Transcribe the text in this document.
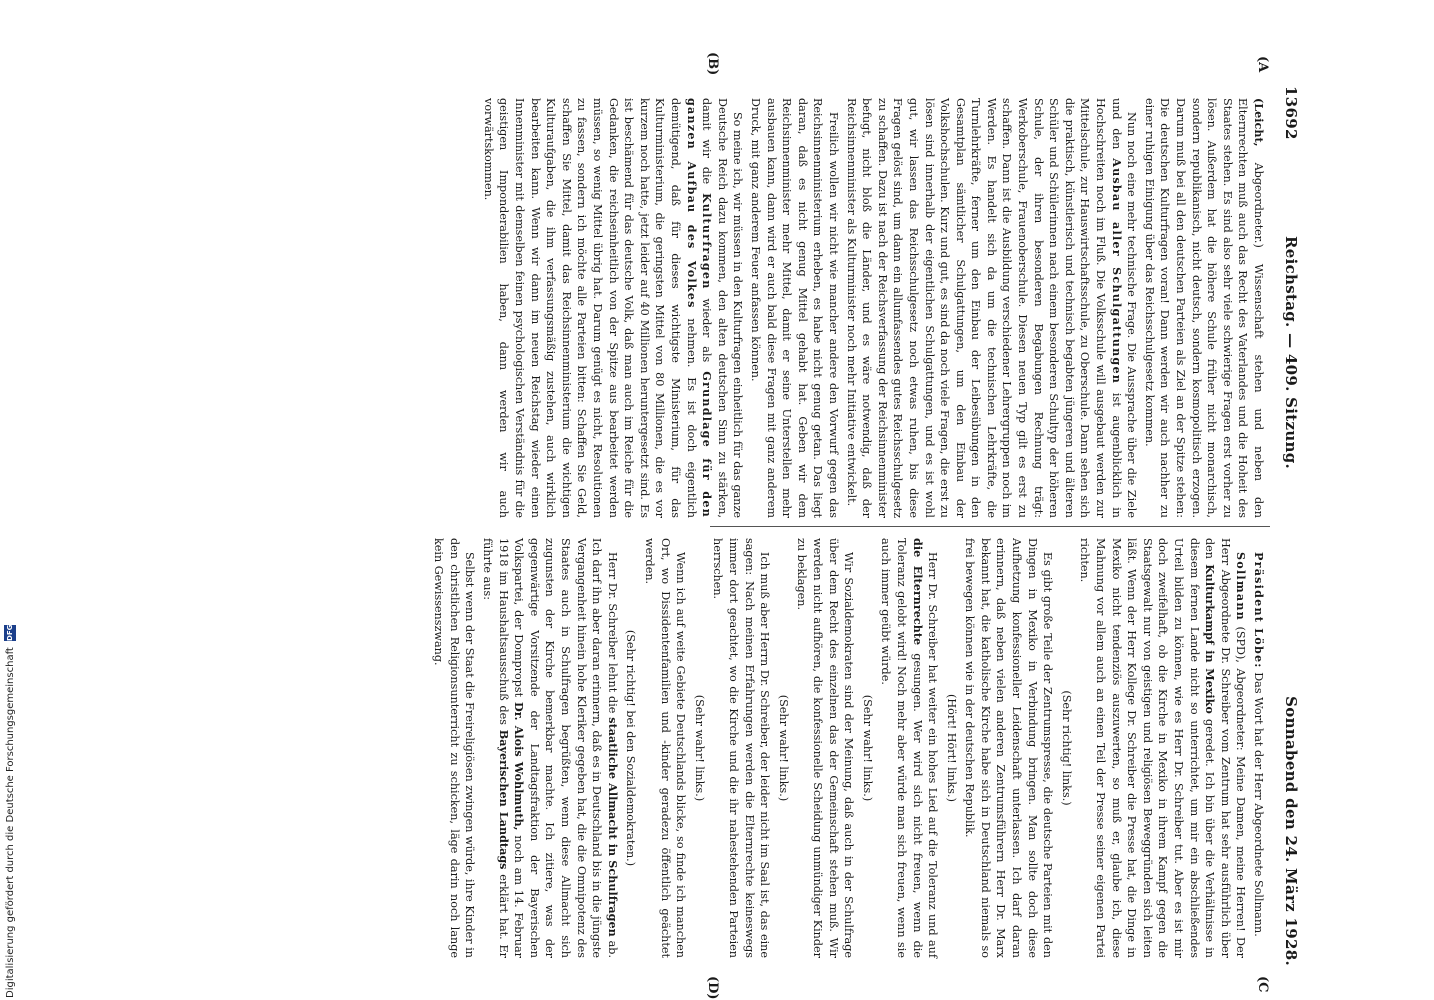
13692
Reichstag. — 409. Sitzung.
Sonnabend den 24. März 1928.
(A
(B)
(C
(D)

(Leicht, Abgeordneter.) Wissenschaft stehen und neben den Elternrechten muß auch das Recht des Vaterlandes und die Hoheit des Staates stehen. Es sind also sehr viele schwierige Fragen erst vorher zu lösen. Außerdem hat die höhere Schule früher nicht monarchisch, sondern republikanisch, nicht deutsch, sondern kosmopolitisch erzogen. Darum muß bei all den deutschen Parteien als Ziel an der Spitze stehen: Die deutschen Kulturfragen voran! Dann werden wir auch nachher zu einer ruhigen Einigung über das Reichsschulgesetz kommen.

Nun noch eine mehr technische Frage. Die Aussprache über die Ziele und den Ausbau aller Schulgattungen ist augenblicklich in Hochschreiten noch im Fluß. Die Volksschule will ausgebaut werden zur Mittelschule, zur Hauswirtschaftsschule, zu Oberschule. Dann sehen sich die praktisch, künstlerisch und technisch begabten jüngeren und älteren Schüler und Schülerinnen nach einem besonderen Schultyp der höheren Schule, der ihren besonderen Begabungen Rechnung trägt: Werkoberschule, Frauenoberschule. Diesen neuen Typ gilt es erst zu schaffen. Dann ist die Ausbildung verschiedener Lehrergruppen noch im Werden. Es handelt sich da um die technischen Lehrkräfte, die Turnlehrkräfte, ferner um den Einbau der Leibesübungen in den Gesamtplan sämtlicher Schulgattungen, um den Einbau der Volkshochschulen. Kurz und gut, es sind da noch viele Fragen, die erst zu lösen sind innerhalb der eigentlichen Schulgattungen, und es ist wohl gut, wir lassen das Reichsschulgesetz noch etwas ruhen, bis diese Fragen gelöst sind, um dann ein allumfassendes gutes Reichsschulgesetz zu schaffen. Dazu ist nach der Reichsverfassung der Reichsinnenminister befugt, nicht bloß die Länder, und es wäre notwendig, daß der Reichsinnenminister als Kulturminister noch mehr Initiative entwickelt.

Freilich wollen wir nicht wie mancher andere den Vorwurf gegen das Reichsinnenministerium erheben, es habe nicht genug getan. Das liegt daran, daß es nicht genug Mittel gehabt hat. Geben wir dem Reichsinnenminister mehr Mittel, damit er seine Unterstellen mehr ausbauen kann, dann wird er auch bald diese Fragen mit ganz anderem Druck, mit ganz anderem Feuer anfassen können.

So meine ich, wir müssen in den Kulturfragen einheitlich für das ganze Deutsche Reich dazu kommen, den alten deutschen Sinn zu stärken, damit wir die Kulturfragen wieder als Grundlage für den ganzen Aufbau des Volkes nehmen. Es ist doch eigentlich demütigend, daß für dieses wichtigste Ministerium, für das Kulturministerium, die geringsten Mittel von 80 Millionen, die es vor kurzem noch hatte, jetzt leider auf 40 Millionen heruntergesetzt sind. Es ist beschämend für das deutsche Volk, daß man auch im Reiche für die Gedanken, die reichseinheitlich von der Spitze aus bearbeitet werden müssen, so wenig Mittel übrig hat. Darum genügt es nicht, Resolutionen zu fassen, sondern ich möchte alle Parteien bitten: Schaffen Sie Geld, schaffen Sie Mittel, damit das Reichsinnenministerium die wichtigen Kulturaufgaben, die ihm verfassungsmäßig zustehen, auch wirklich bearbeiten kann. Wenn wir dann im neuen Reichstag wieder einen Innenminister mit demselben feinen psychologischen Verständnis für die geistigen Imponderabilien haben, dann werden wir auch vorwärtskommen.

Präsident Löbe: Das Wort hat der Herr Abgeordnete Sollmann.

Sollmann (SPD), Abgeordneter: Meine Damen, meine Herren! Der Herr Abgeordnete Dr. Schreiber vom Zentrum hat sehr ausführlich über den Kulturkampf in Mexiko geredet. Ich bin über die Verhältnisse in diesem fernen Lande nicht so unterrichtet, um mir ein abschließendes Urteil bilden zu können, wie es Herr Dr. Schreiber tut. Aber es ist mir doch zweifelhaft, ob die Kirche in Mexiko in ihrem Kampf gegen die Staatsgewalt nur von geistigen und religiösen Beweggründen sich leiten läßt. Wenn der Herr Kollege Dr. Schreiber die Presse hat, die Dinge in Mexiko nicht tendenziös auszuwerten, so muß er, glaube ich, diese Mahnung vor allem auch an einen Teil der Presse seiner eigenen Partei richten.

(Sehr richtig! links.)

Es gibt große Teile der Zentrumspresse, die deutsche Parteien mit den Dingen in Mexiko in Verbindung bringen. Man sollte doch diese Aufhetzung konfessioneller Leidenschaft unterlassen. Ich darf daran erinnern, daß neben vielen anderen Zentrumsführern Herr Dr. Marx bekannt hat, die katholische Kirche habe sich in Deutschland niemals so frei bewegen können wie in der deutschen Republik.

(Hört! Hört! links.)

Herr Dr. Schreiber hat weiter ein hohes Lied auf die Toleranz und auf die Elternrechte gesungen. Wer wird sich nicht freuen, wenn die Toleranz gelobt wird! Noch mehr aber würde man sich freuen, wenn sie auch immer geübt würde.

(Sehr wahr! links.)

Wir Sozialdemokraten sind der Meinung, daß auch in der Schulfrage über dem Recht des einzelnen das der Gemeinschaft stehen muß. Wir werden nicht aufhören, die konfessionelle Scheidung unmündiger Kinder zu beklagen.

(Sehr wahr! links.)

Ich muß aber Herrn Dr. Schreiber, der leider nicht im Saal ist, das eine sagen: Nach meinen Erfahrungen werden die Elternrechte keineswegs immer dort geachtet, wo die Kirche und die ihr nahestehenden Parteien herrschen.

(Sehr wahr! links.)

Wenn ich auf weite Gebiete Deutschlands blicke, so finde ich manchen Ort, wo Dissidentenfamilien und -kinder geradezu öffentlich geächtet werden.

(Sehr richtig! bei den Sozialdemokraten.)

Herr Dr. Schreiber lehnt die staatliche Allmacht in Schulfragen ab. Ich darf ihn aber daran erinnern, daß es in Deutschland bis in die jüngste Vergangenheit hinein hohe Kleriker gegeben hat, die die Omnipotenz des Staates auch in Schulfragen begrüßten, wenn diese Allmacht sich zugunsten der Kirche bemerkbar machte. Ich zitiere, was der gegenwärtige Vorsitzende der Landtagsfraktion der Bayerischen Volkspartei, der Dompropst Dr. Alois Wohlmuth, noch am 14. Februar 1918 im Haushaltsausschuß des Bayerischen Landtags erklärt hat. Er führte aus:

Selbst wenn der Staat die Freireligiösen zwingen würde, ihre Kinder in den christlichen Religionsunterricht zu schicken, läge darin noch lange kein Gewissenszwang.

Digitalisierung gefördert durch die Deutsche Forschungsgemeinschaft DFG
